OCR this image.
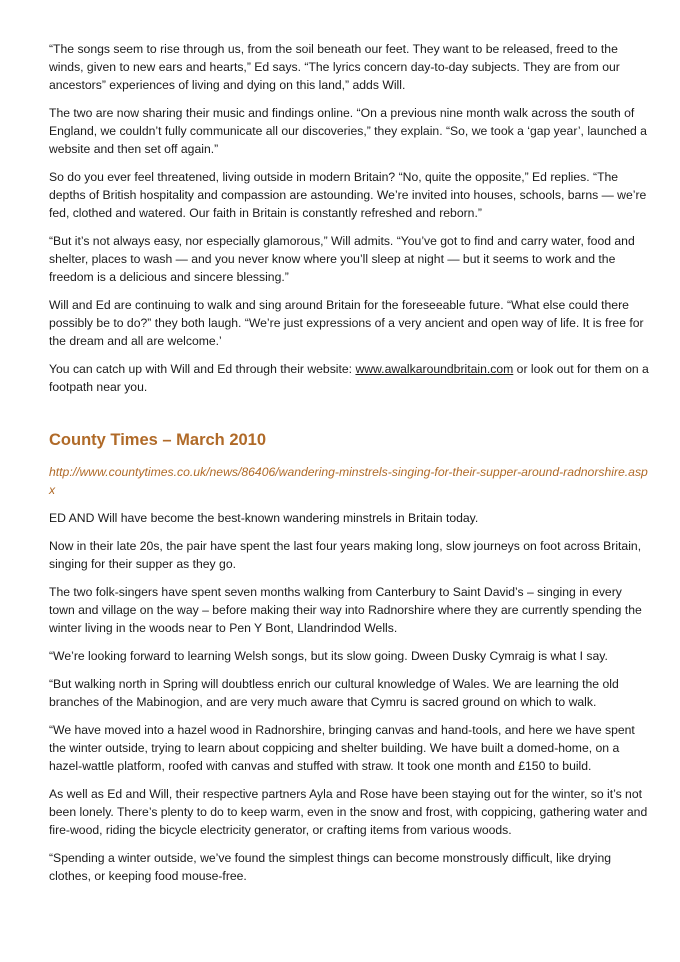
“The songs seem to rise through us, from the soil beneath our feet. They want to be released, freed to the winds, given to new ears and hearts,” Ed says. “The lyrics concern day-to-day subjects. They are from our ancestors” experiences of living and dying on this land,” adds Will.

The two are now sharing their music and findings online. “On a previous nine month walk across the south of England, we couldn’t fully communicate all our discoveries,” they explain. “So, we took a ‘gap year’, launched a website and then set off again.”

So do you ever feel threatened, living outside in modern Britain? “No, quite the opposite,” Ed replies. “The depths of British hospitality and compassion are astounding. We’re invited into houses, schools, barns — we’re fed, clothed and watered. Our faith in Britain is constantly refreshed and reborn.”

“But it’s not always easy, nor especially glamorous,” Will admits. “You’ve got to find and carry water, food and shelter, places to wash — and you never know where you’ll sleep at night — but it seems to work and the freedom is a delicious and sincere blessing.”

Will and Ed are continuing to walk and sing around Britain for the foreseeable future. “What else could there possibly be to do?” they both laugh. “We’re just expressions of a very ancient and open way of life. It is free for the dream and all are welcome.’

You can catch up with Will and Ed through their website: www.awalkaroundbritain.com or look out for them on a footpath near you.

County Times – March 2010

http://www.countytimes.co.uk/news/86406/wandering-minstrels-singing-for-their-supper-around-radnorshire.aspx

ED AND Will have become the best-known wandering minstrels in Britain today.

Now in their late 20s, the pair have spent the last four years making long, slow journeys on foot across Britain, singing for their supper as they go.

The two folk-singers have spent seven months walking from Canterbury to Saint David’s – singing in every town and village on the way – before making their way into Radnorshire where they are currently spending the winter living in the woods near to Pen Y Bont, Llandrindod Wells.

“We’re looking forward to learning Welsh songs, but its slow going. Dween Dusky Cymraig is what I say.

“But walking north in Spring will doubtless enrich our cultural knowledge of Wales. We are learning the old branches of the Mabinogion, and are very much aware that Cymru is sacred ground on which to walk.

“We have moved into a hazel wood in Radnorshire, bringing canvas and hand-tools, and here we have spent the winter outside, trying to learn about coppicing and shelter building. We have built a domed-home, on a hazel-wattle platform, roofed with canvas and stuffed with straw. It took one month and £150 to build.

As well as Ed and Will, their respective partners Ayla and Rose have been staying out for the winter, so it’s not been lonely. There’s plenty to do to keep warm, even in the snow and frost, with coppicing, gathering water and fire-wood, riding the bicycle electricity generator, or crafting items from various woods.

“Spending a winter outside, we’ve found the simplest things can become monstrously difficult, like drying clothes, or keeping food mouse-free.
